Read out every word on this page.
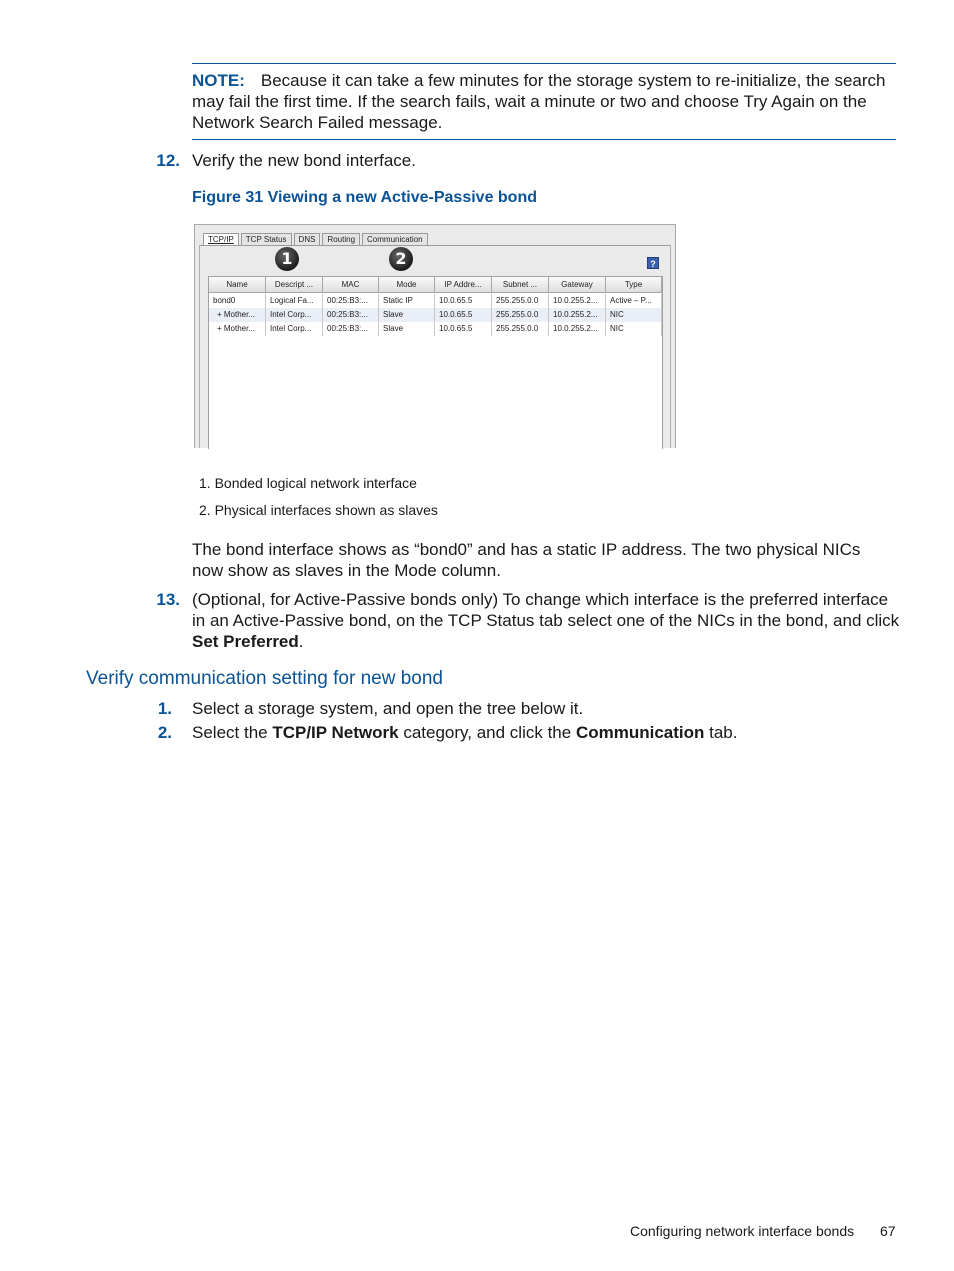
NOTE: Because it can take a few minutes for the storage system to re-initialize, the search
may fail the first time. If the search fails, wait a minute or two and choose Try Again on the
Network Search Failed message.
12. Verify the new bond interface.
Figure 31 Viewing a new Active-Passive bond
TCP/IP	TCP Status	DNS	Routing	Communication
1	2	?
Name	Descript ...	MAC	Mode	IP Addre...	Subnet ...	Gateway	Type
bond0	Logical Fa...	00:25:B3:...	Static IP	10.0.65.5	255.255.0.0	10.0.255.2...	Active – P...
+ Mother...	Intel Corp...	00:25:B3:...	Slave	10.0.65.5	255.255.0.0	10.0.255.2...	NIC
+ Mother...	Intel Corp...	00:25:B3:...	Slave	10.0.65.5	255.255.0.0	10.0.255.2...	NIC
1. Bonded logical network interface
2. Physical interfaces shown as slaves
The bond interface shows as “bond0” and has a static IP address. The two physical NICs
now show as slaves in the Mode column.
13. (Optional, for Active-Passive bonds only) To change which interface is the preferred interface
in an Active-Passive bond, on the TCP Status tab select one of the NICs in the bond, and click
Set Preferred.
Verify communication setting for new bond
1. Select a storage system, and open the tree below it.
2. Select the TCP/IP Network category, and click the Communication tab.
Configuring network interface bonds 67
